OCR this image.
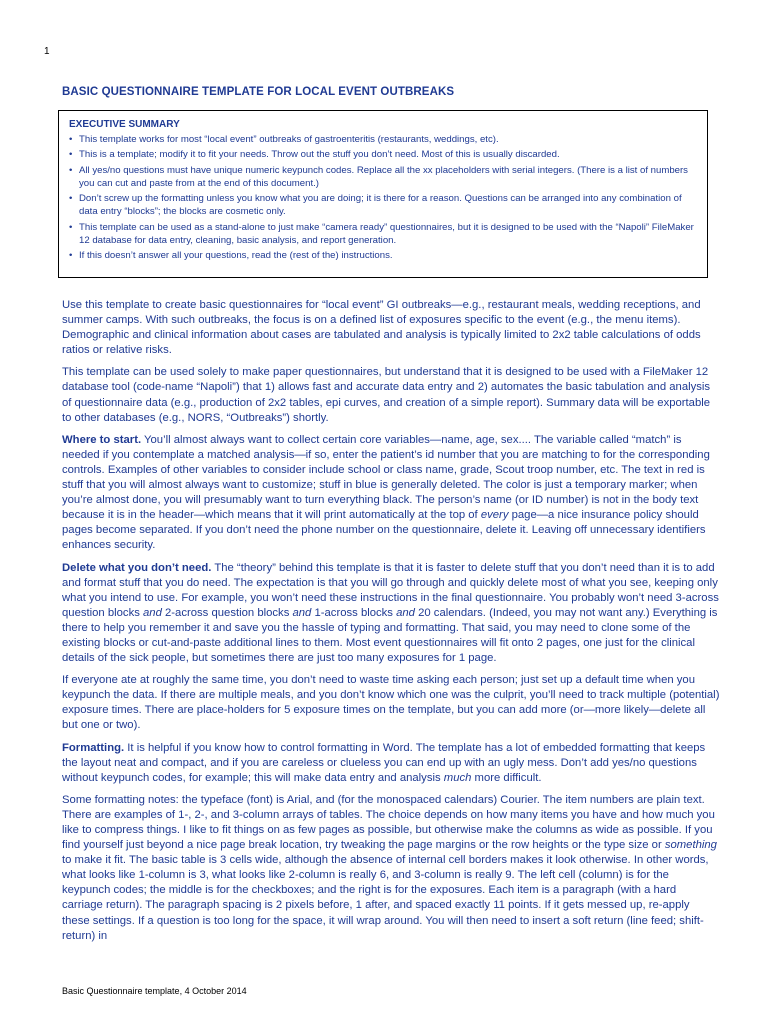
1
BASIC QUESTIONNAIRE TEMPLATE FOR LOCAL EVENT OUTBREAKS
EXECUTIVE SUMMARY
• This template works for most “local event” outbreaks of gastroenteritis (restaurants, weddings, etc).
• This is a template; modify it to fit your needs. Throw out the stuff you don’t need. Most of this is usually discarded.
• All yes/no questions must have unique numeric keypunch codes. Replace all the xx placeholders with serial integers. (There is a list of numbers you can cut and paste from at the end of this document.)
• Don’t screw up the formatting unless you know what you are doing; it is there for a reason. Questions can be arranged into any combination of data entry “blocks”; the blocks are cosmetic only.
• This template can be used as a stand-alone to just make “camera ready” questionnaires, but it is designed to be used with the “Napoli” FileMaker 12 database for data entry, cleaning, basic analysis, and report generation.
• If this doesn’t answer all your questions, read the (rest of the) instructions.

Use this template to create basic questionnaires for “local event” GI outbreaks—e.g., restaurant meals, wedding receptions, and summer camps. With such outbreaks, the focus is on a defined list of exposures specific to the event (e.g., the menu items). Demographic and clinical information about cases are tabulated and analysis is typically limited to 2x2 table calculations of odds ratios or relative risks.

This template can be used solely to make paper questionnaires, but understand that it is designed to be used with a FileMaker 12 database tool (code-name “Napoli”) that 1) allows fast and accurate data entry and 2) automates the basic tabulation and analysis of questionnaire data (e.g., production of 2x2 tables, epi curves, and creation of a simple report). Summary data will be exportable to other databases (e.g., NORS, “Outbreaks”) shortly.

Where to start. You’ll almost always want to collect certain core variables—name, age, sex.... The variable called “match” is needed if you contemplate a matched analysis—if so, enter the patient’s id number that you are matching to for the corresponding controls. Examples of other variables to consider include school or class name, grade, Scout troop number, etc. The text in red is stuff that you will almost always want to customize; stuff in blue is generally deleted. The color is just a temporary marker; when you’re almost done, you will presumably want to turn everything black. The person’s name (or ID number) is not in the body text because it is in the header—which means that it will print automatically at the top of every page—a nice insurance policy should pages become separated. If you don’t need the phone number on the questionnaire, delete it. Leaving off unnecessary identifiers enhances security.

Delete what you don’t need. The “theory” behind this template is that it is faster to delete stuff that you don’t need than it is to add and format stuff that you do need. The expectation is that you will go through and quickly delete most of what you see, keeping only what you intend to use. For example, you won’t need these instructions in the final questionnaire. You probably won’t need 3-across question blocks and 2-across question blocks and 1-across blocks and 20 calendars. (Indeed, you may not want any.) Everything is there to help you remember it and save you the hassle of typing and formatting. That said, you may need to clone some of the existing blocks or cut-and-paste additional lines to them. Most event questionnaires will fit onto 2 pages, one just for the clinical details of the sick people, but sometimes there are just too many exposures for 1 page.

If everyone ate at roughly the same time, you don’t need to waste time asking each person; just set up a default time when you keypunch the data. If there are multiple meals, and you don’t know which one was the culprit, you’ll need to track multiple (potential) exposure times. There are place-holders for 5 exposure times on the template, but you can add more (or—more likely—delete all but one or two).

Formatting. It is helpful if you know how to control formatting in Word. The template has a lot of embedded formatting that keeps the layout neat and compact, and if you are careless or clueless you can end up with an ugly mess. Don’t add yes/no questions without keypunch codes, for example; this will make data entry and analysis much more difficult.

Some formatting notes: the typeface (font) is Arial, and (for the monospaced calendars) Courier. The item numbers are plain text. There are examples of 1-, 2-, and 3-column arrays of tables. The choice depends on how many items you have and how much you like to compress things. I like to fit things on as few pages as possible, but otherwise make the columns as wide as possible. If you find yourself just beyond a nice page break location, try tweaking the page margins or the row heights or the type size or something to make it fit. The basic table is 3 cells wide, although the absence of internal cell borders makes it look otherwise. In other words, what looks like 1-column is 3, what looks like 2-column is really 6, and 3-column is really 9. The left cell (column) is for the keypunch codes; the middle is for the checkboxes; and the right is for the exposures. Each item is a paragraph (with a hard carriage return). The paragraph spacing is 2 pixels before, 1 after, and spaced exactly 11 points. If it gets messed up, re-apply these settings. If a question is too long for the space, it will wrap around. You will then need to insert a soft return (line feed; shift-return) in

Basic Questionnaire template, 4 October 2014
